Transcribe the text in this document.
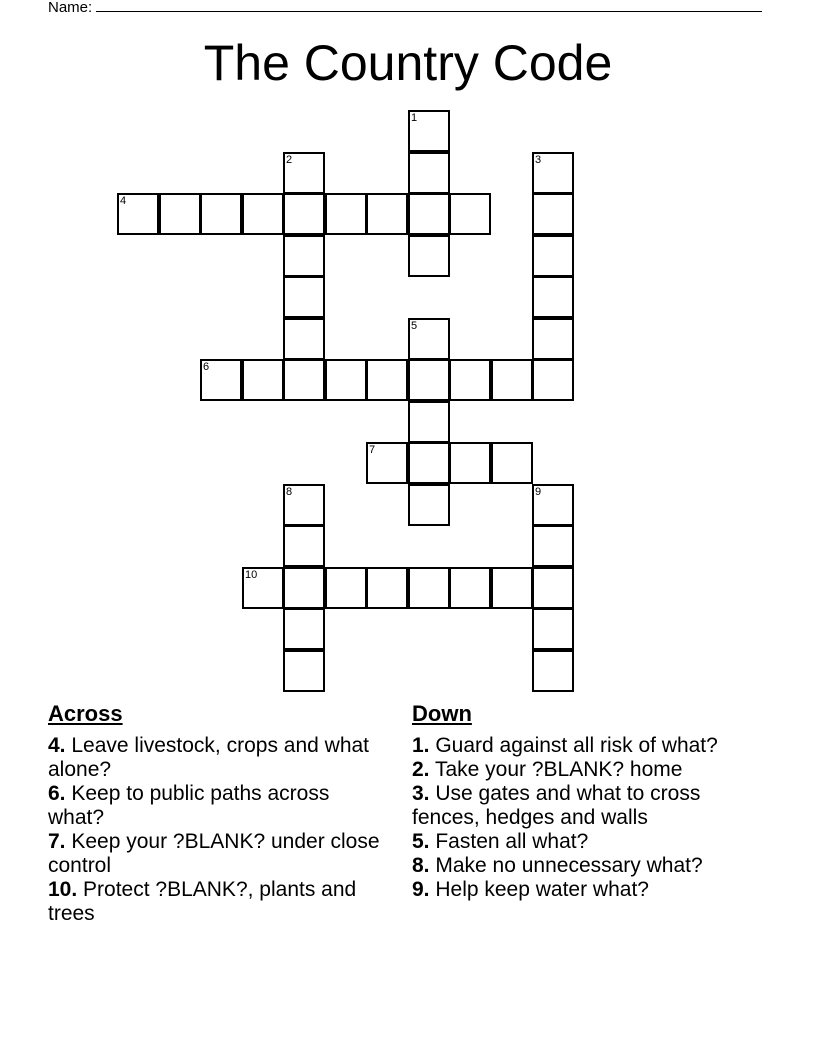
Name:
The Country Code
1
2	3
4
5
6
7
8	9
10
Across
4. Leave livestock, crops and what alone?
6. Keep to public paths across what?
7. Keep your ?BLANK? under close control
10. Protect ?BLANK?, plants and trees
Down
1. Guard against all risk of what?
2. Take your ?BLANK? home
3. Use gates and what to cross fences, hedges and walls
5. Fasten all what?
8. Make no unnecessary what?
9. Help keep water what?
